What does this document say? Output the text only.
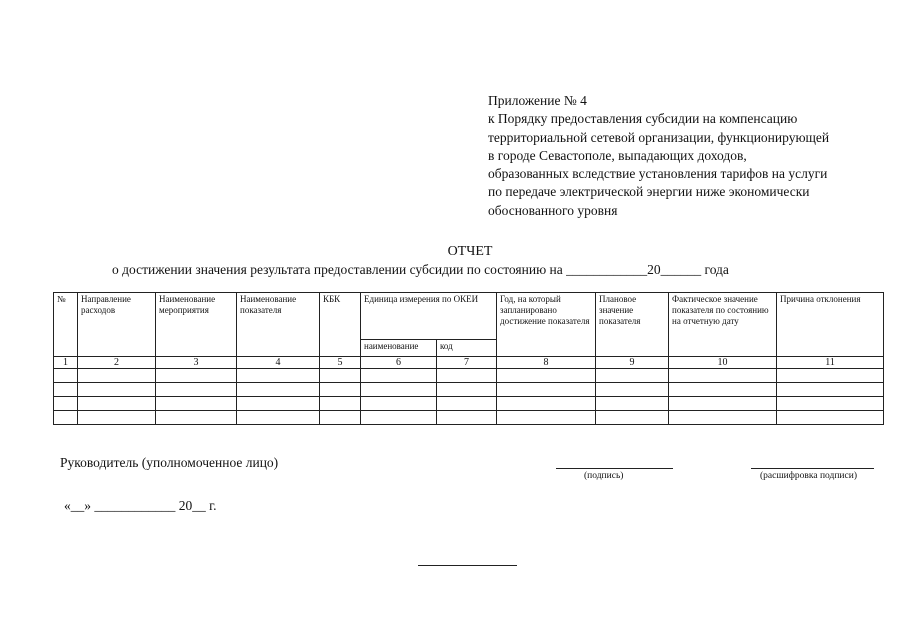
Приложение № 4
к Порядку предоставления субсидии на компенсацию
территориальной сетевой организации, функционирующей
в городе Севастополе, выпадающих доходов,
образованных вследствие установления тарифов на услуги
по передаче электрической энергии ниже экономически
обоснованного уровня
ОТЧЕТ
о достижении значения результата предоставлении субсидии по состоянию на ____________20______ года
№	Направление расходов	Наименование мероприятия	Наименование показателя	КБК	Единица измерения по ОКЕИ		Год, на который запланировано достижение показателя	Плановое значение показателя	Фактическое значение показателя по состоянию на отчетную дату	Причина отклонения
					наименование	код				
1	2	3	4	5	6	7	8	9	10	11

Руководитель (уполномоченное лицо)
(подпись)	(расшифровка подписи)
«__» ____________ 20__ г.
